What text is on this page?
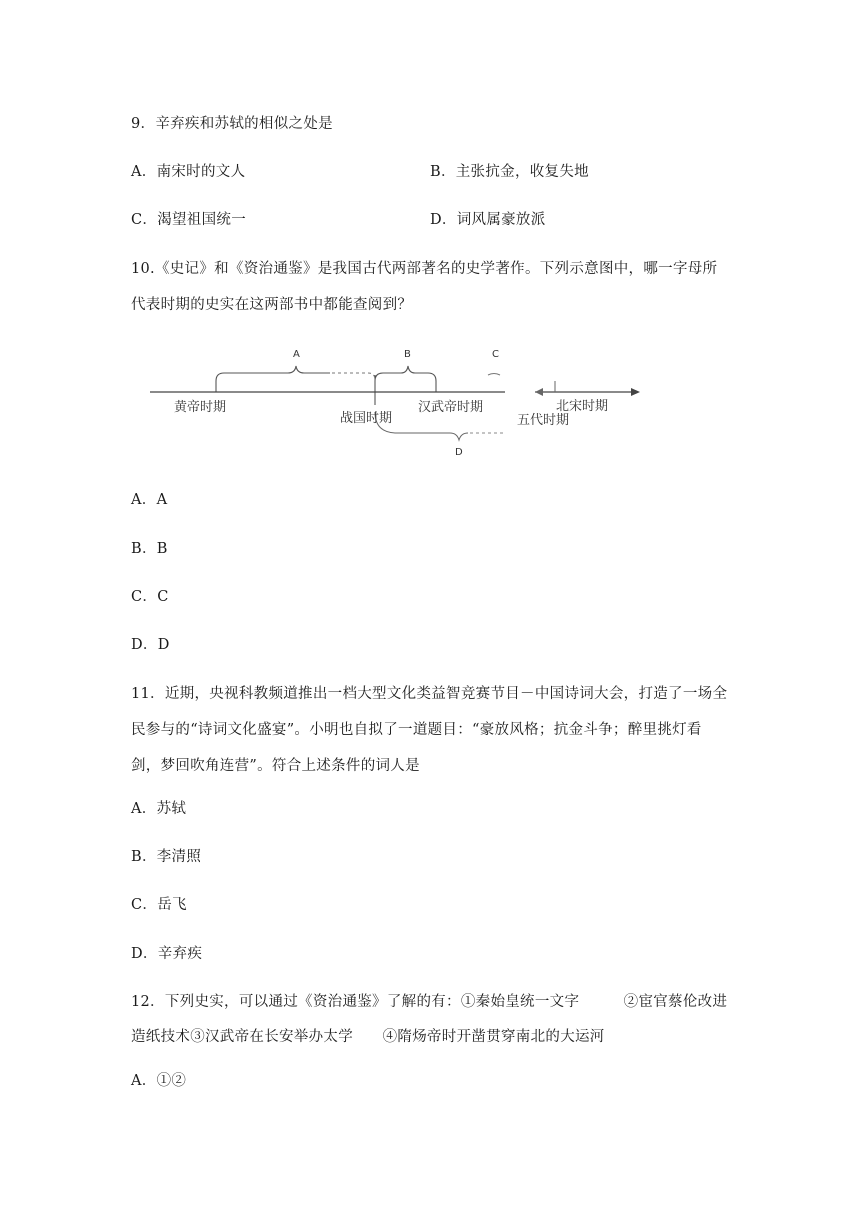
9．辛弃疾和苏轼的相似之处是
A．南宋时的文人	B．主张抗金，收复失地
C．渴望祖国统一	D．词风属豪放派
10.《史记》和《资治通鉴》是我国古代两部著名的史学著作。下列示意图中，哪一字母所
代表时期的史实在这两部书中都能查阅到？
A	B	C
D
黄帝时期
战国时期
汉武帝时期
五代时期
北宋时期
A．A
B．B
C．C
D．D
11．近期，央视科教频道推出一档大型文化类益智竞赛节目－中国诗词大会，打造了一场全
民参与的“诗词文化盛宴”。小明也自拟了一道题目：“豪放风格；抗金斗争；醉里挑灯看
剑，梦回吹角连营”。符合上述条件的词人是
A．苏轼
B．李清照
C．岳飞
D．辛弃疾
12．下列史实，可以通过《资治通鉴》了解的有：①秦始皇统一文字　　　②宦官蔡伦改进
造纸技术③汉武帝在长安举办太学　　④隋炀帝时开凿贯穿南北的大运河
A．①②
